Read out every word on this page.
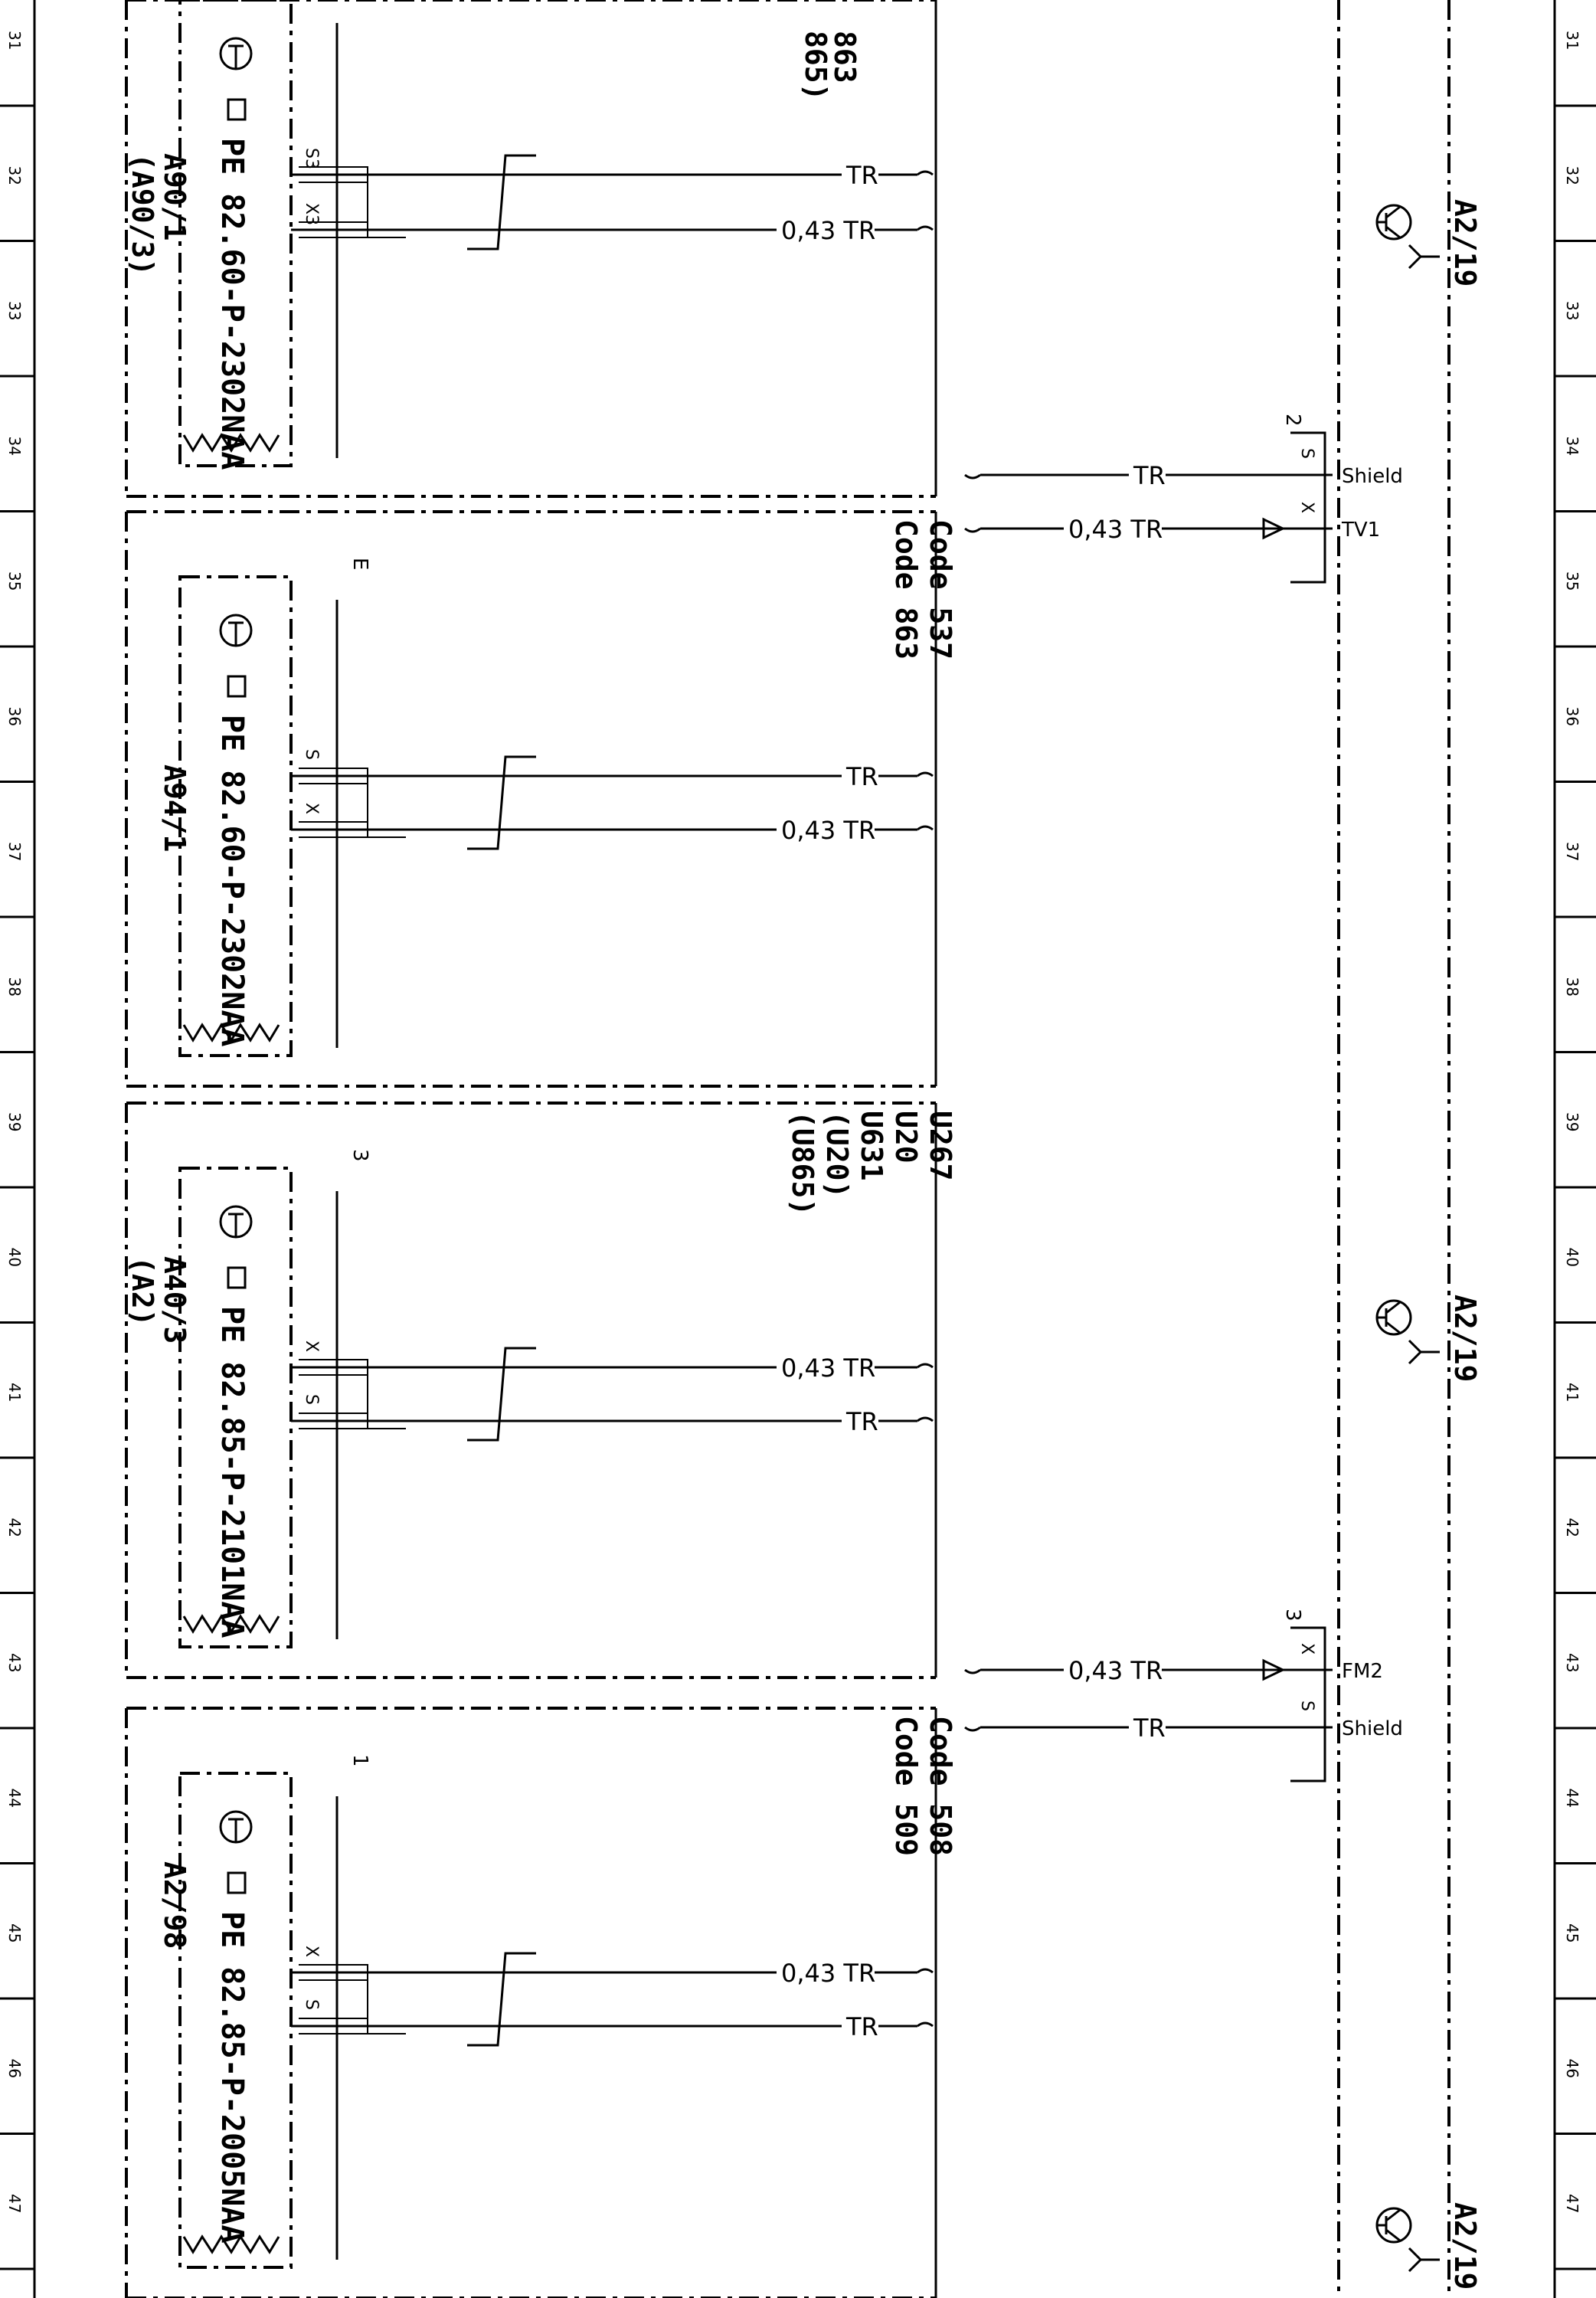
31
32
33
34
35
36
37
38
39
40
41
42
43
44
45
46
47
31
32
33
34
35
36
37
38
39
40
41
42
43
44
45
46
47
863
865)
A2/19
A2/19
A2/19
PE 82.60-P-2302NAA
A90/1
(A90/3)	S3
X3
TR
0,43 TR
PE 82.60-P-2302NAA
A94/1
S
X
TR
0,43 TR
Code 537
Code 863
E
PE 82.85-P-2101NAA
A40/3
(A2)
X
S
0,43 TR
TR
U267
U20
U631
(U20)
(U865)
3
PE 82.85-P-2005NAA
A2/98
X
S
0,43 TR
TR
Code 508
Code 509
1
2
S
Shield
TR
X
TV1
0,43 TR
3
X
FM2
0,43 TR
S
Shield
TR
